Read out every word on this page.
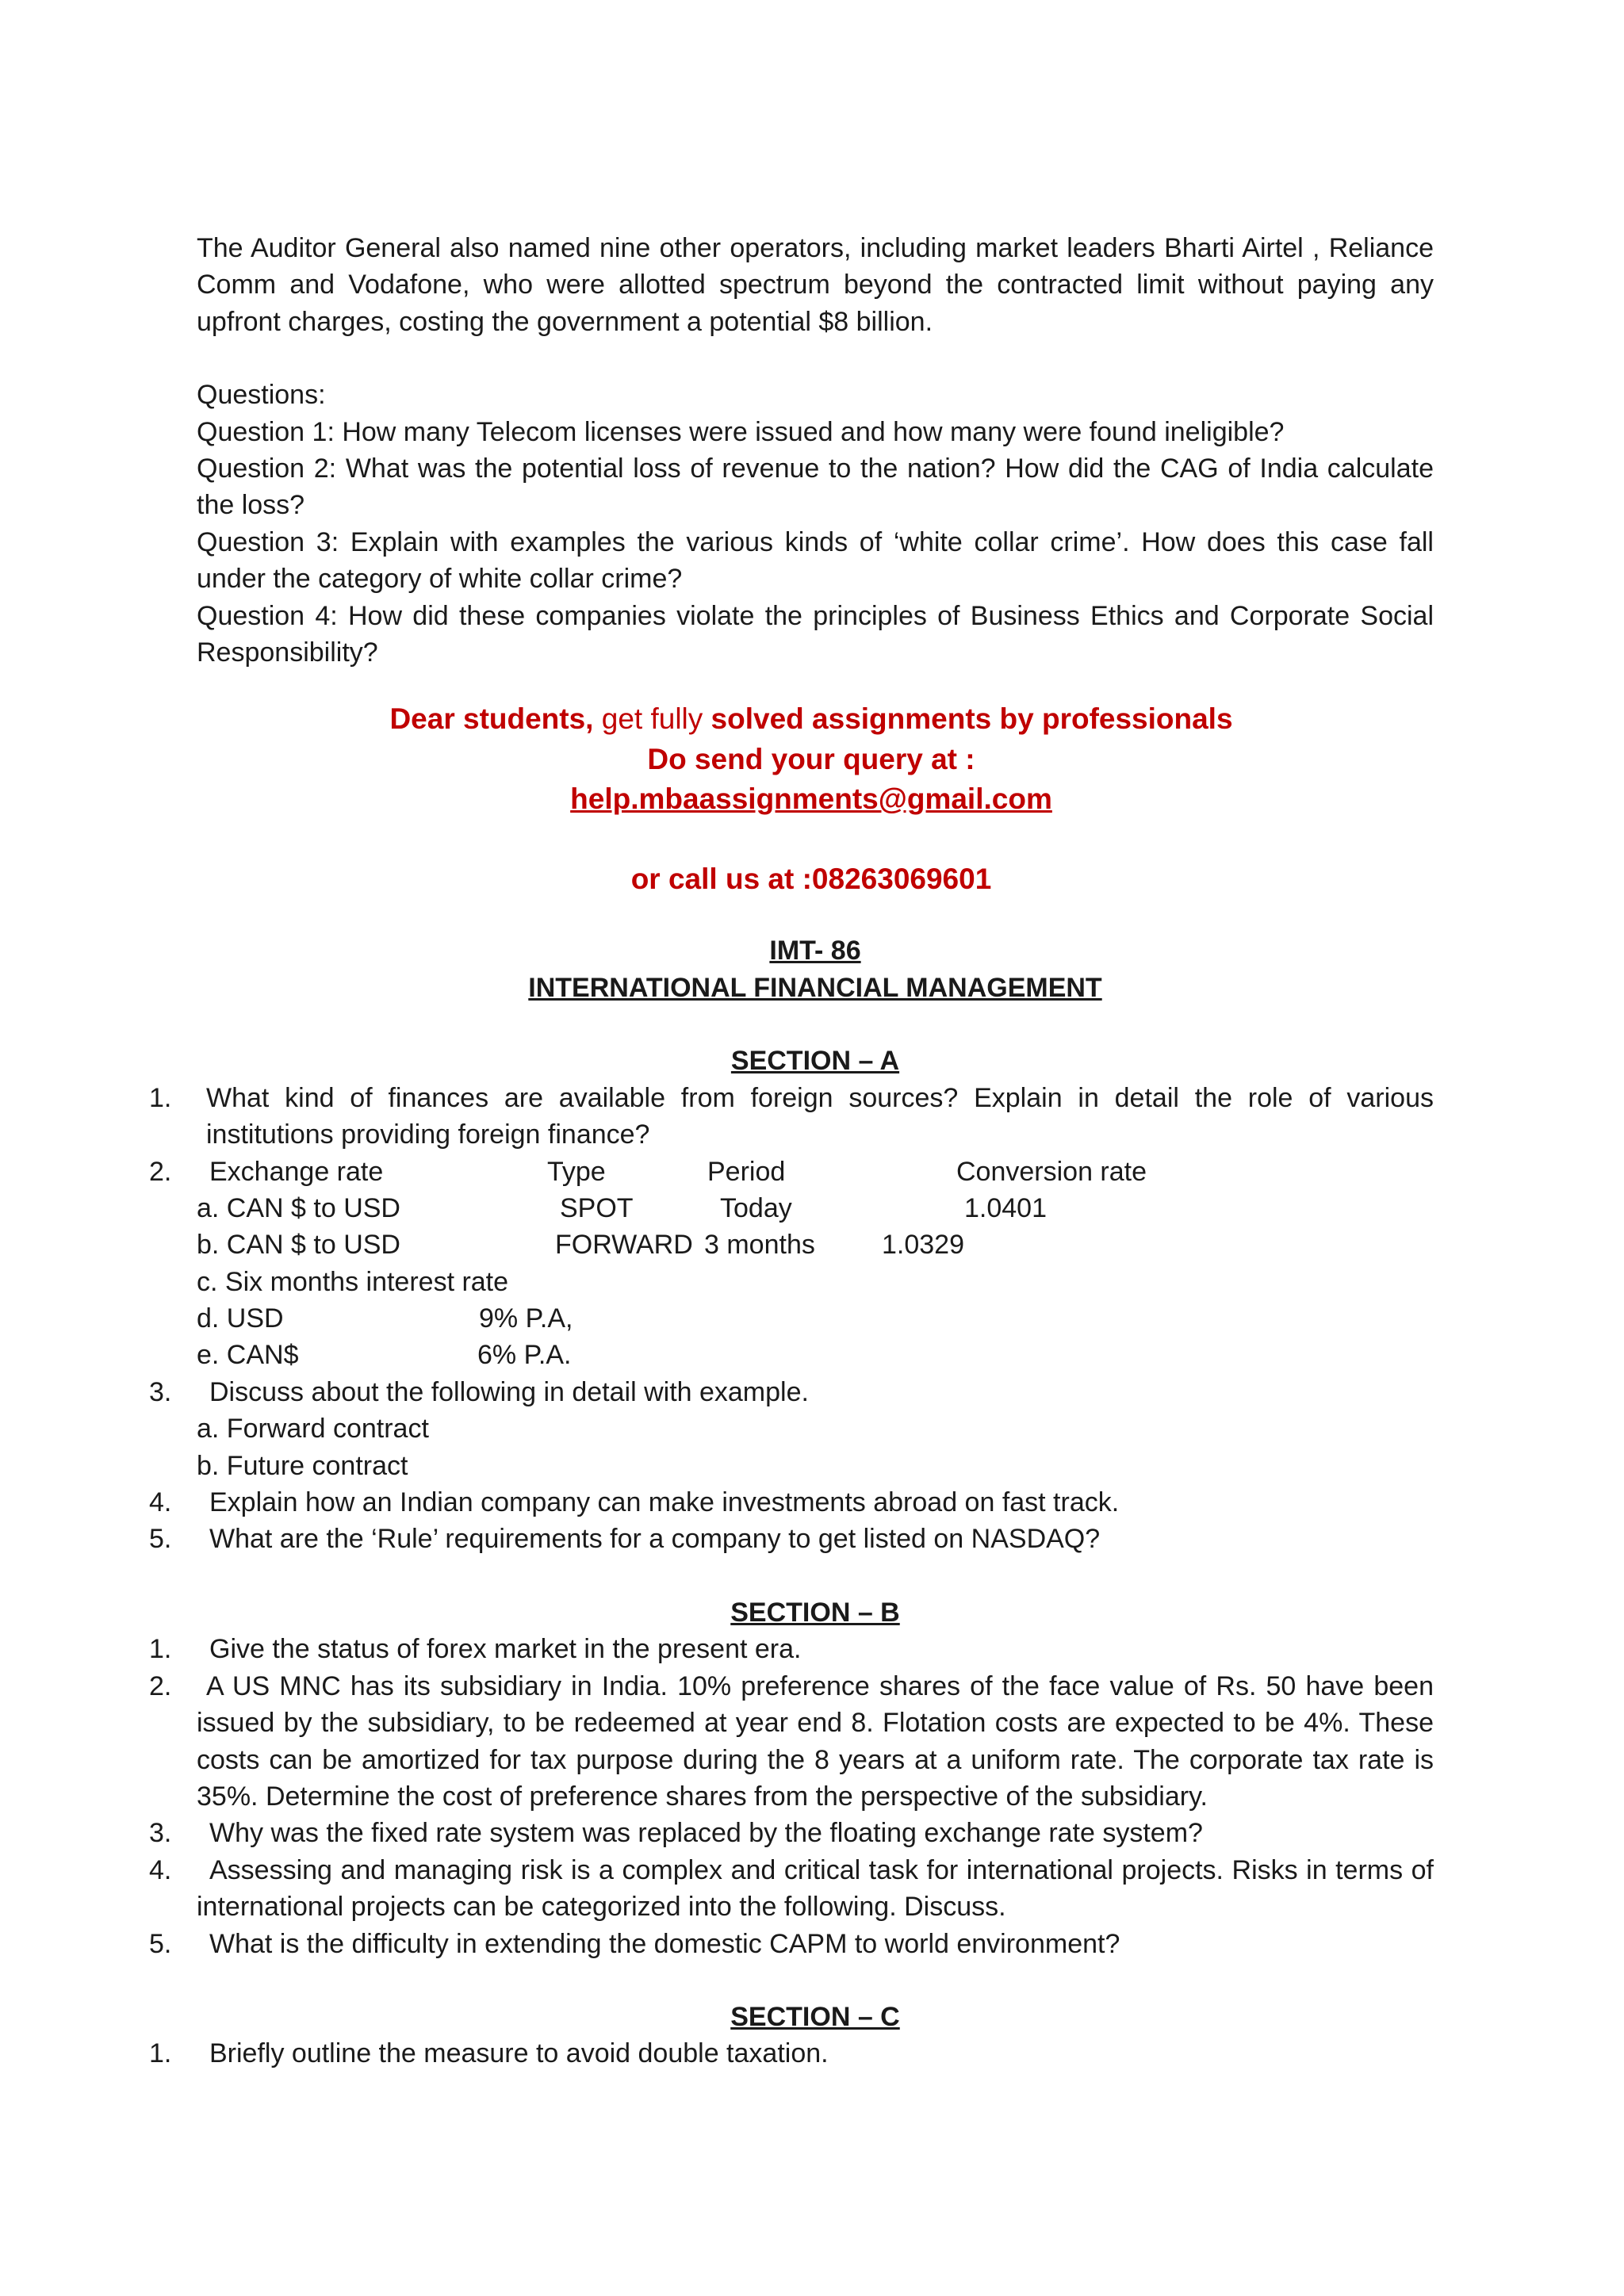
The Auditor General also named nine other operators, including market leaders Bharti Airtel , Reliance Comm and Vodafone, who were allotted spectrum beyond the contracted limit without paying any upfront charges, costing the government a potential $8 billion.

Questions:

Question 1: How many Telecom licenses were issued and how many were found ineligible?

Question 2: What was the potential loss of revenue to the nation? How did the CAG of India calculate the loss?

Question 3: Explain with examples the various kinds of ‘white collar crime’. How does this case fall under the category of white collar crime?

Question 4: How did these companies violate the principles of Business Ethics and Corporate Social Responsibility?

Dear students, get fully solved assignments by professionals
Do send your query at :
help.mbaassignments@gmail.com
or call us at :08263069601
IMT- 86
INTERNATIONAL FINANCIAL MANAGEMENT
SECTION – A
1.	What kind of finances are available from foreign sources? Explain in detail the role of various institutions providing foreign finance?
2. Exchange rate	Type	Period	Conversion rate
a. CAN $ to USD	SPOT	Today	1.0401
b. CAN $ to USD	FORWARD 3 months 1.0329
c. Six months interest rate
d. USD	9% P.A,
e. CAN$	6% P.A.
3.	Discuss about the following in detail with example.
a. Forward contract
b. Future contract
4.	Explain how an Indian company can make investments abroad on fast track.
5.	What are the ‘Rule’ requirements for a company to get listed on NASDAQ?
SECTION – B
1.	Give the status of forex market in the present era.
2.	A US MNC has its subsidiary in India. 10% preference shares of the face value of Rs. 50 have been issued by the subsidiary, to be redeemed at year end 8. Flotation costs are expected to be 4%. These costs can be amortized for tax purpose during the 8 years at a uniform rate. The corporate tax rate is 35%. Determine the cost of preference shares from the perspective of the subsidiary.
3.	Why was the fixed rate system was replaced by the floating exchange rate system?
4.	Assessing and managing risk is a complex and critical task for international projects. Risks in terms of international projects can be categorized into the following. Discuss.
5.	What is the difficulty in extending the domestic CAPM to world environment?
SECTION – C
1.	Briefly outline the measure to avoid double taxation.
